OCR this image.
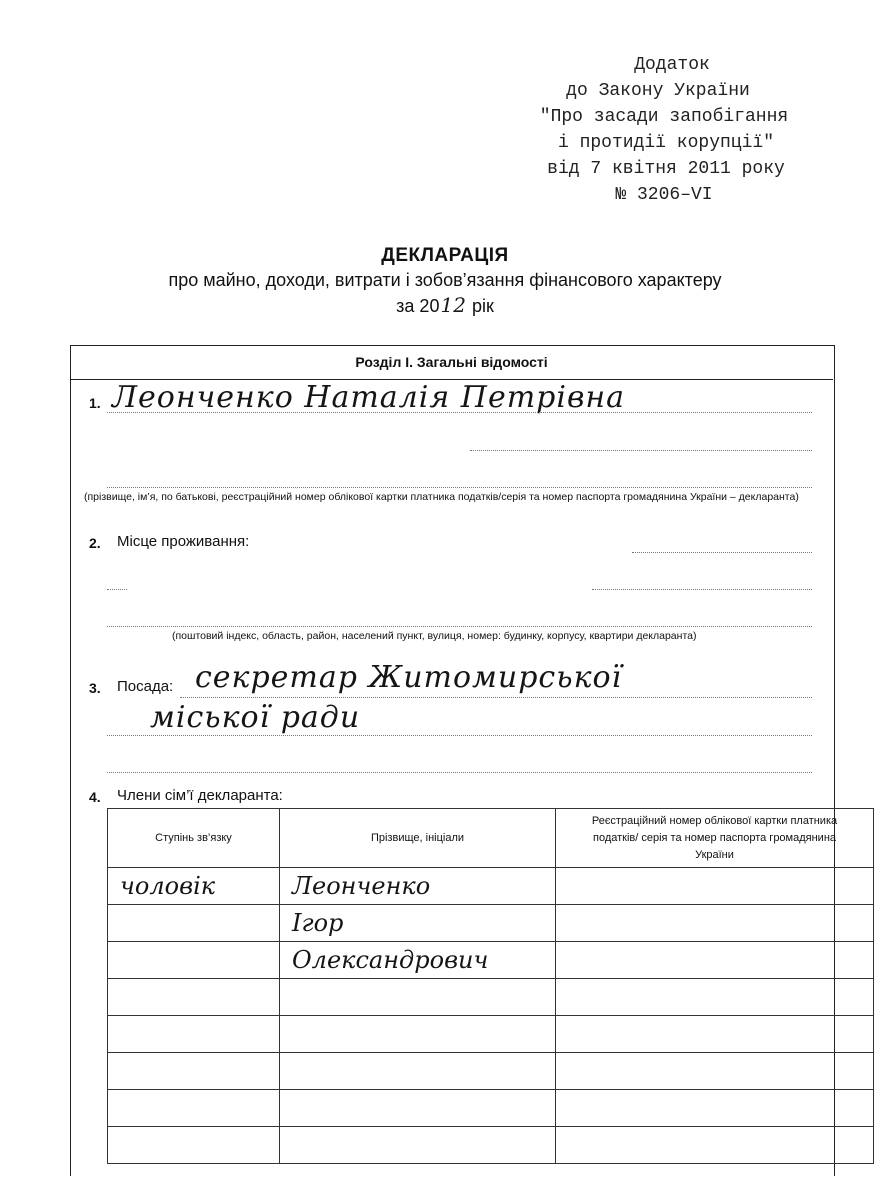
Додаток
до Закону України
"Про засади запобігання
і протидії корупції"
від 7 квітня 2011 року
№ 3206–VI
ДЕКЛАРАЦІЯ
про майно, доходи, витрати і зобов’язання фінансового характеру
за 2012 рік
Розділ І. Загальні відомості
1. Леонченко Наталія Петрівна
(прізвище, ім’я, по батькові, реєстраційний номер облікової картки платника податків/серія та номер паспорта громадянина України – декларанта)
2. Місце проживання:
(поштовий індекс, область, район, населений пункт, вулиця, номер: будинку, корпусу, квартири декларанта)
3. Посада: секретар Житомирської
міської ради
4. Члени сім’ї декларанта:
Ступінь зв’язку	Прізвище, ініціали	Реєстраційний номер облікової картки платника податків/ серія та номер паспорта громадянина України
чоловік	Леонченко	
	Ігор	
	Олександрович	
